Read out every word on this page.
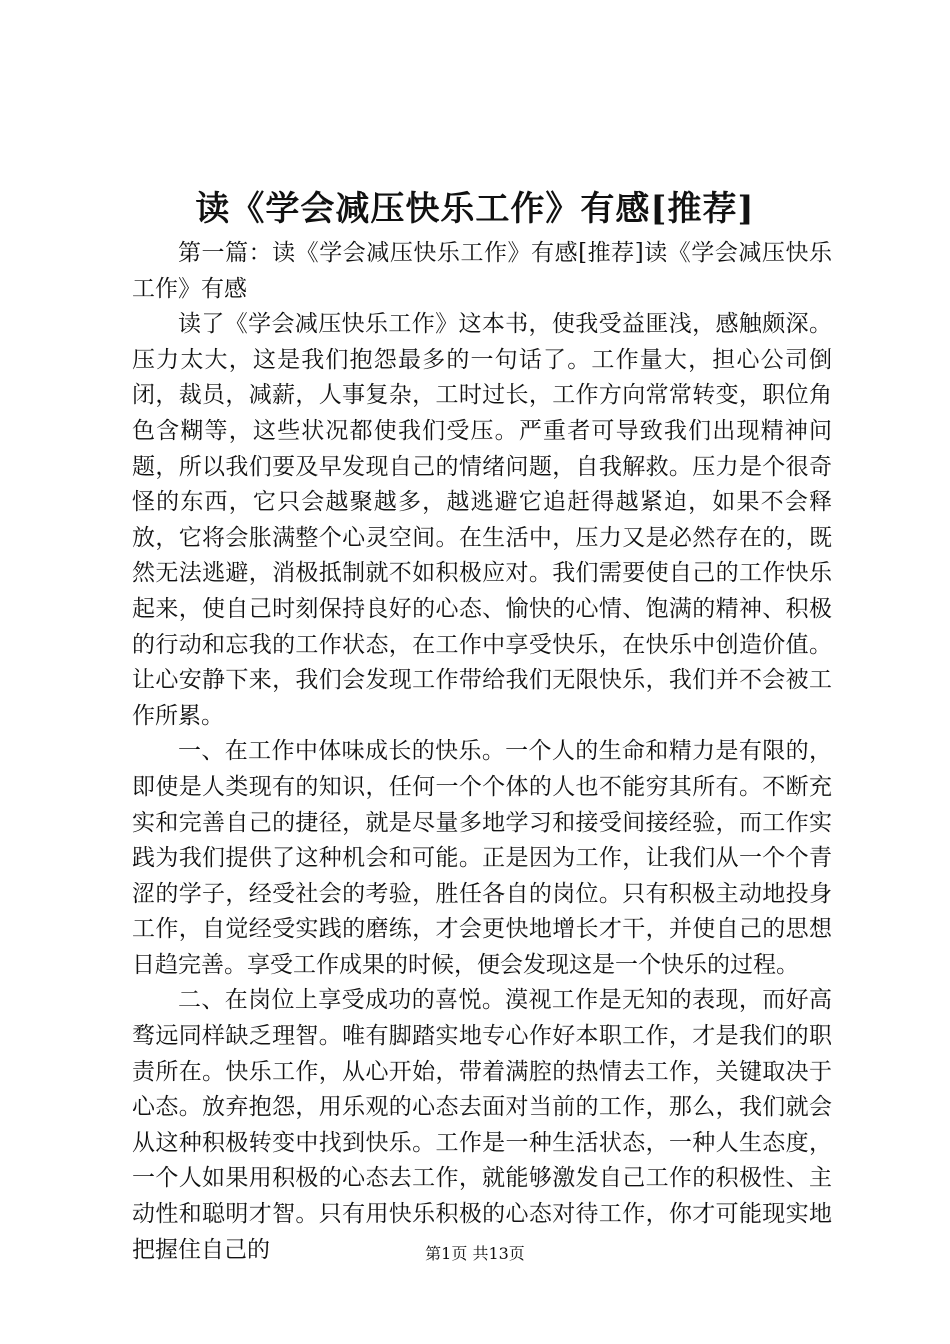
读《学会减压快乐工作》有感[推荐]

第一篇：读《学会减压快乐工作》有感[推荐]读《学会减压快乐工作》有感

读了《学会减压快乐工作》这本书，使我受益匪浅，感触颇深。压力太大，这是我们抱怨最多的一句话了。工作量大，担心公司倒闭，裁员，减薪，人事复杂，工时过长，工作方向常常转变，职位角色含糊等，这些状况都使我们受压。严重者可导致我们出现精神问题，所以我们要及早发现自己的情绪问题，自我解救。压力是个很奇怪的东西，它只会越聚越多，越逃避它追赶得越紧迫，如果不会释放，它将会胀满整个心灵空间。在生活中，压力又是必然存在的，既然无法逃避，消极抵制就不如积极应对。我们需要使自己的工作快乐起来，使自己时刻保持良好的心态、愉快的心情、饱满的精神、积极的行动和忘我的工作状态，在工作中享受快乐，在快乐中创造价值。让心安静下来，我们会发现工作带给我们无限快乐，我们并不会被工作所累。

一、在工作中体味成长的快乐。一个人的生命和精力是有限的，即使是人类现有的知识，任何一个个体的人也不能穷其所有。不断充实和完善自己的捷径，就是尽量多地学习和接受间接经验，而工作实践为我们提供了这种机会和可能。正是因为工作，让我们从一个个青涩的学子，经受社会的考验，胜任各自的岗位。只有积极主动地投身工作，自觉经受实践的磨练，才会更快地增长才干，并使自己的思想日趋完善。享受工作成果的时候，便会发现这是一个快乐的过程。

二、在岗位上享受成功的喜悦。漠视工作是无知的表现，而好高骛远同样缺乏理智。唯有脚踏实地专心作好本职工作，才是我们的职责所在。快乐工作，从心开始，带着满腔的热情去工作，关键取决于心态。放弃抱怨，用乐观的心态去面对当前的工作，那么，我们就会从这种积极转变中找到快乐。工作是一种生活状态，一种人生态度，一个人如果用积极的心态去工作，就能够激发自己工作的积极性、主动性和聪明才智。只有用快乐积极的心态对待工作，你才可能现实地把握住自己的	第1页 共13页
